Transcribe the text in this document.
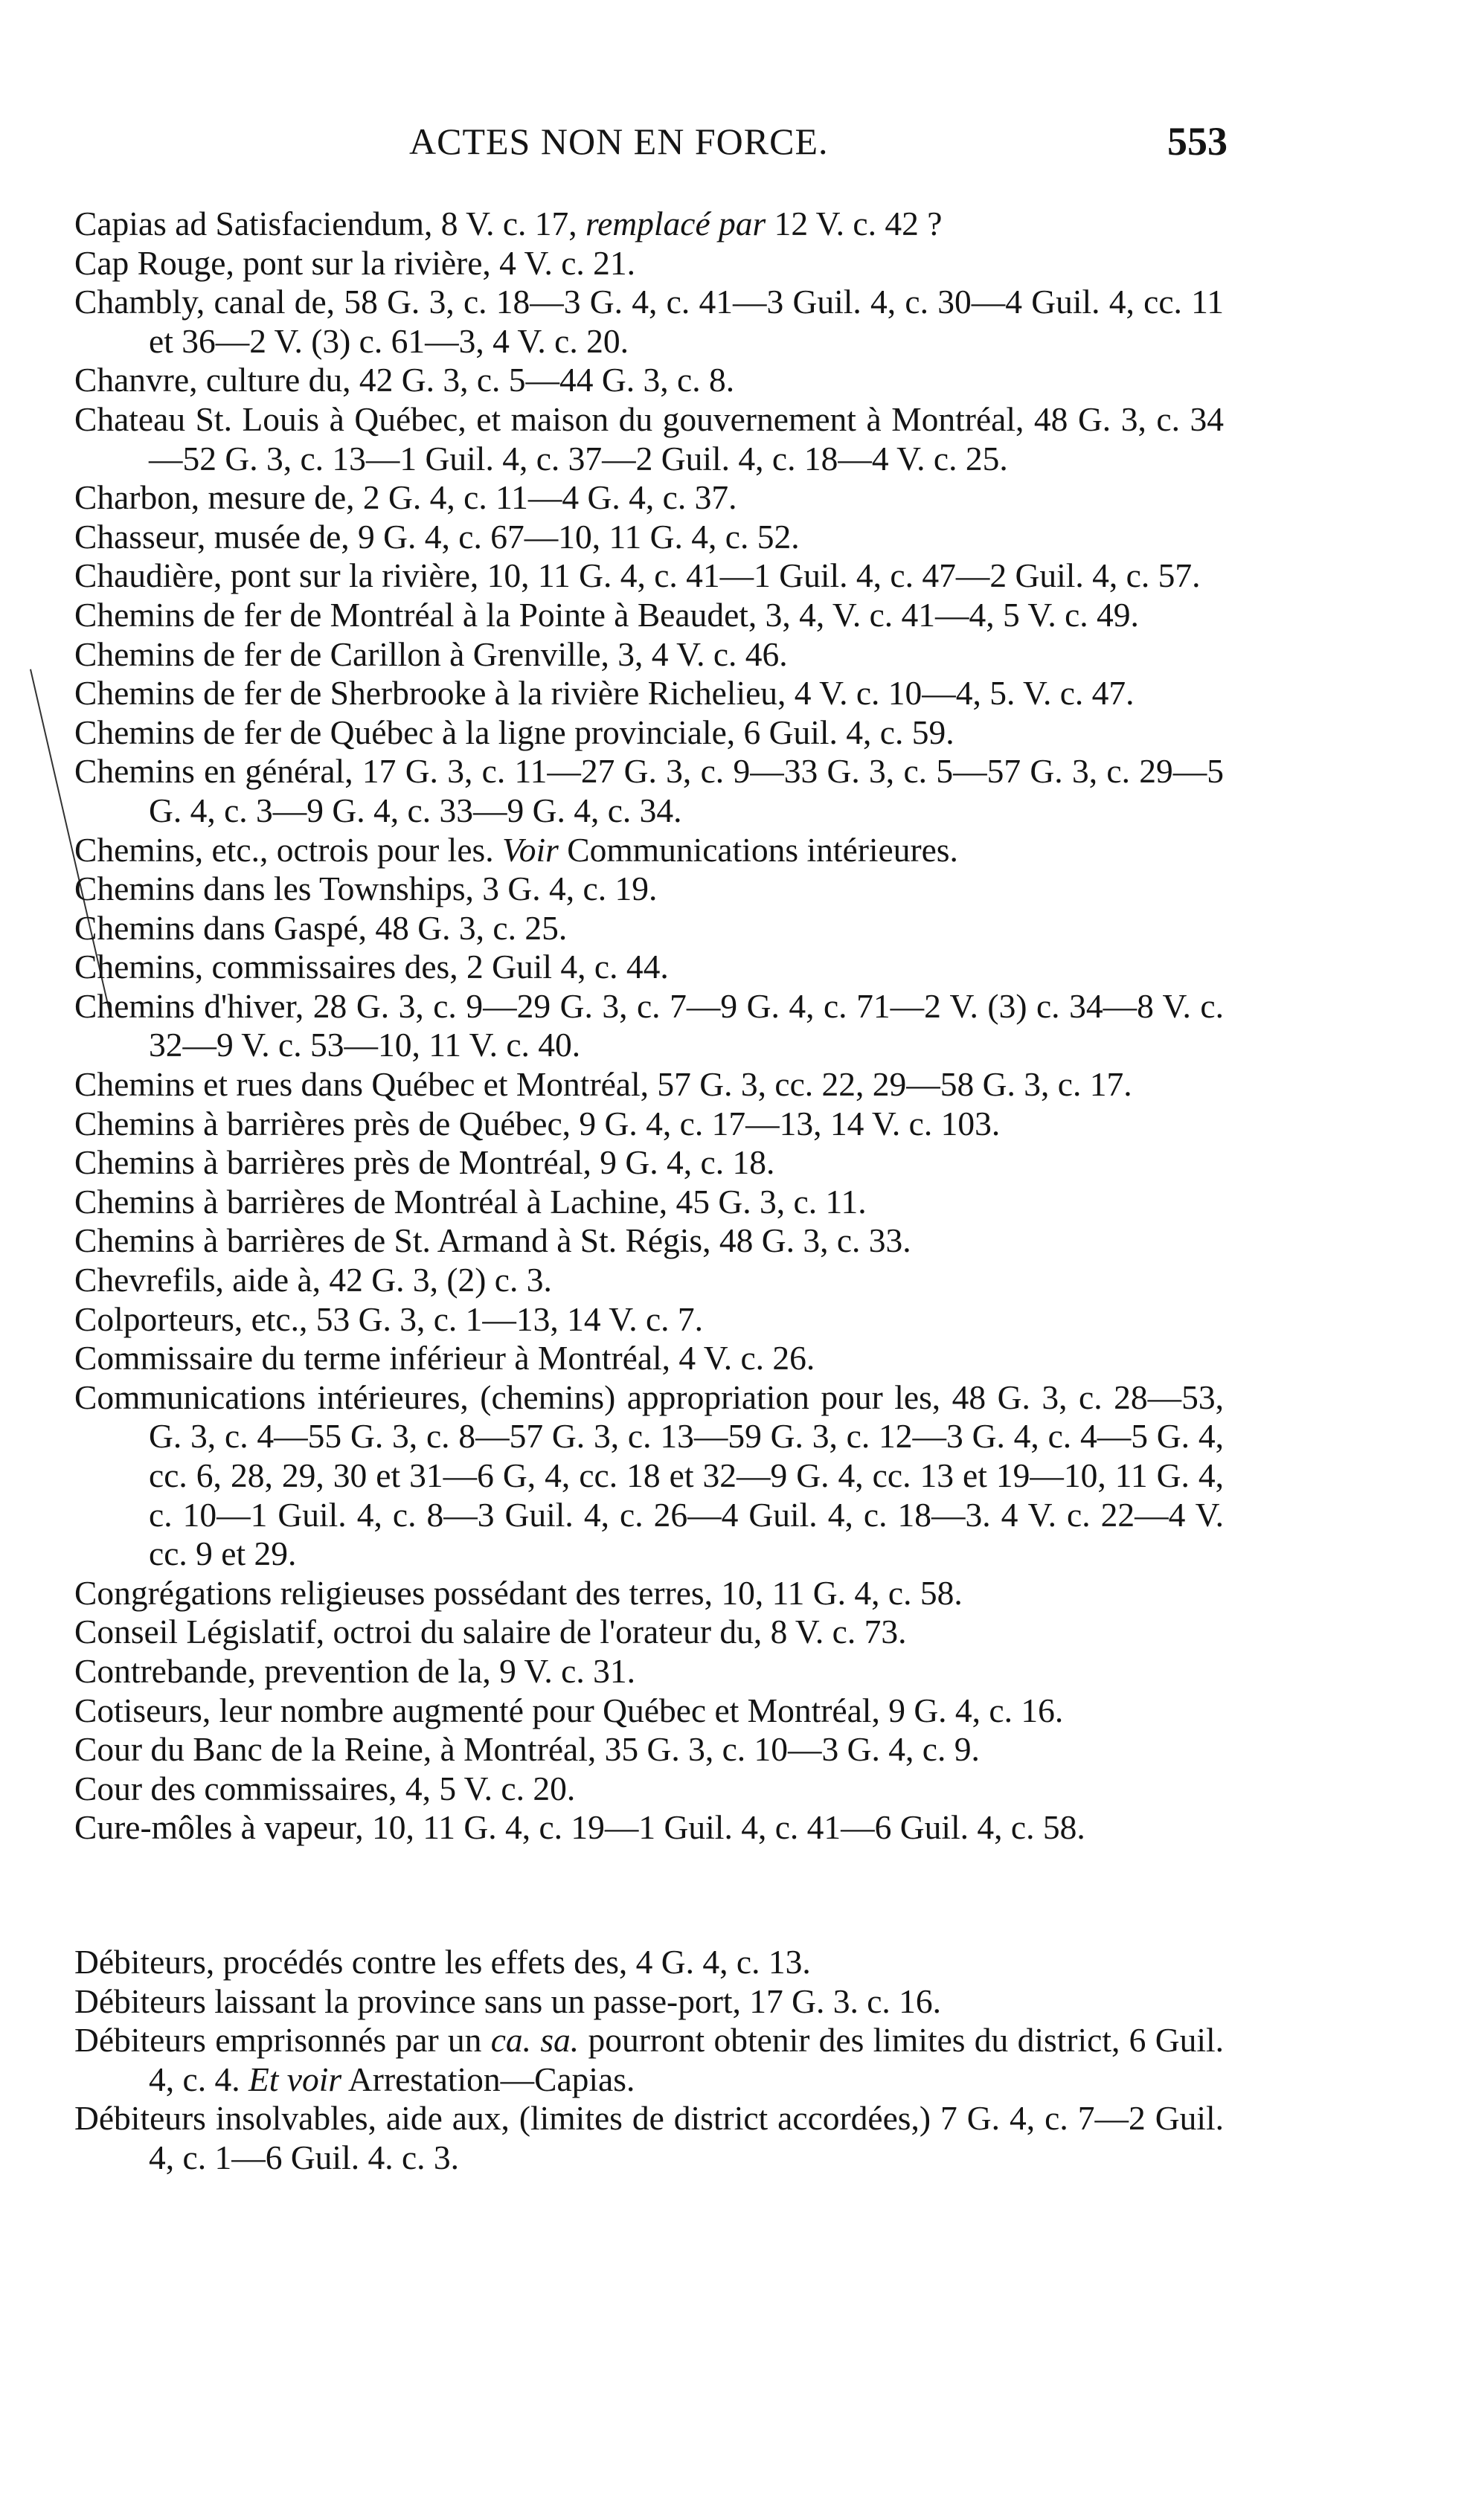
ACTES NON EN FORCE.	553

Capias ad Satisfaciendum, 8 V. c. 17, remplacé par 12 V. c. 42 ?

Cap Rouge, pont sur la rivière, 4 V. c. 21.

Chambly, canal de, 58 G. 3, c. 18—3 G. 4, c. 41—3 Guil. 4, c. 30—4 Guil. 4, cc. 11 et 36—2 V. (3) c. 61—3, 4 V. c. 20.

Chanvre, culture du, 42 G. 3, c. 5—44 G. 3, c. 8.

Chateau St. Louis à Québec, et maison du gouvernement à Montréal, 48 G. 3, c. 34—52 G. 3, c. 13—1 Guil. 4, c. 37—2 Guil. 4, c. 18—4 V. c. 25.

Charbon, mesure de, 2 G. 4, c. 11—4 G. 4, c. 37.

Chasseur, musée de, 9 G. 4, c. 67—10, 11 G. 4, c. 52.

Chaudière, pont sur la rivière, 10, 11 G. 4, c. 41—1 Guil. 4, c. 47—2 Guil. 4, c. 57.

Chemins de fer de Montréal à la Pointe à Beaudet, 3, 4, V. c. 41—4, 5 V. c. 49.

Chemins de fer de Carillon à Grenville, 3, 4 V. c. 46.

Chemins de fer de Sherbrooke à la rivière Richelieu, 4 V. c. 10—4, 5. V. c. 47.

Chemins de fer de Québec à la ligne provinciale, 6 Guil. 4, c. 59.

Chemins en général, 17 G. 3, c. 11—27 G. 3, c. 9—33 G. 3, c. 5—57 G. 3, c. 29—5 G. 4, c. 3—9 G. 4, c. 33—9 G. 4, c. 34.

Chemins, etc., octrois pour les. Voir Communications intérieures.

Chemins dans les Townships, 3 G. 4, c. 19.

Chemins dans Gaspé, 48 G. 3, c. 25.

Chemins, commissaires des, 2 Guil 4, c. 44.

Chemins d'hiver, 28 G. 3, c. 9—29 G. 3, c. 7—9 G. 4, c. 71—2 V. (3) c. 34—8 V. c. 32—9 V. c. 53—10, 11 V. c. 40.

Chemins et rues dans Québec et Montréal, 57 G. 3, cc. 22, 29—58 G. 3, c. 17.

Chemins à barrières près de Québec, 9 G. 4, c. 17—13, 14 V. c. 103.

Chemins à barrières près de Montréal, 9 G. 4, c. 18.

Chemins à barrières de Montréal à Lachine, 45 G. 3, c. 11.

Chemins à barrières de St. Armand à St. Régis, 48 G. 3, c. 33.

Chevrefils, aide à, 42 G. 3, (2) c. 3.

Colporteurs, etc., 53 G. 3, c. 1—13, 14 V. c. 7.

Commissaire du terme inférieur à Montréal, 4 V. c. 26.

Communications intérieures, (chemins) appropriation pour les, 48 G. 3, c. 28—53, G. 3, c. 4—55 G. 3, c. 8—57 G. 3, c. 13—59 G. 3, c. 12—3 G. 4, c. 4—5 G. 4, cc. 6, 28, 29, 30 et 31—6 G, 4, cc. 18 et 32—9 G. 4, cc. 13 et 19—10, 11 G. 4, c. 10—1 Guil. 4, c. 8—3 Guil. 4, c. 26—4 Guil. 4, c. 18—3. 4 V. c. 22—4 V. cc. 9 et 29.

Congrégations religieuses possédant des terres, 10, 11 G. 4, c. 58.

Conseil Législatif, octroi du salaire de l'orateur du, 8 V. c. 73.

Contrebande, prevention de la, 9 V. c. 31.

Cotiseurs, leur nombre augmenté pour Québec et Montréal, 9 G. 4, c. 16.

Cour du Banc de la Reine, à Montréal, 35 G. 3, c. 10—3 G. 4, c. 9.

Cour des commissaires, 4, 5 V. c. 20.

Cure-môles à vapeur, 10, 11 G. 4, c. 19—1 Guil. 4, c. 41—6 Guil. 4, c. 58.

Débiteurs, procédés contre les effets des, 4 G. 4, c. 13.

Débiteurs laissant la province sans un passe-port, 17 G. 3. c. 16.

Débiteurs emprisonnés par un ca. sa. pourront obtenir des limites du district, 6 Guil. 4, c. 4. Et voir Arrestation—Capias.

Débiteurs insolvables, aide aux, (limites de district accordées,) 7 G. 4, c. 7—2 Guil. 4, c. 1—6 Guil. 4. c. 3.
